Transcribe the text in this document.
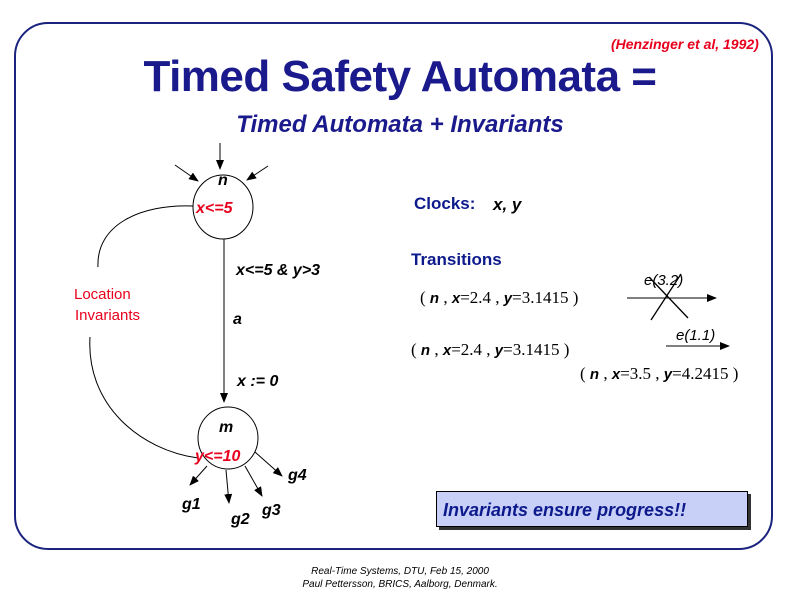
(Henzinger et al, 1992)
Timed Safety Automata =
Timed Automata + Invariants
n
x<=5
x<=5 & y>3
a
x := 0
m
y<=10
g1
g2
g3
g4
Location
Invariants
Clocks: x, y
Transitions
( n , x=2.4 , y=3.1415 )
e(3.2)
( n , x=2.4 , y=3.1415 )
e(1.1)
( n , x=3.5 , y=4.2415 )
Invariants ensure progress!!
Real-Time Systems, DTU, Feb 15, 2000
Paul Pettersson, BRICS, Aalborg, Denmark.
